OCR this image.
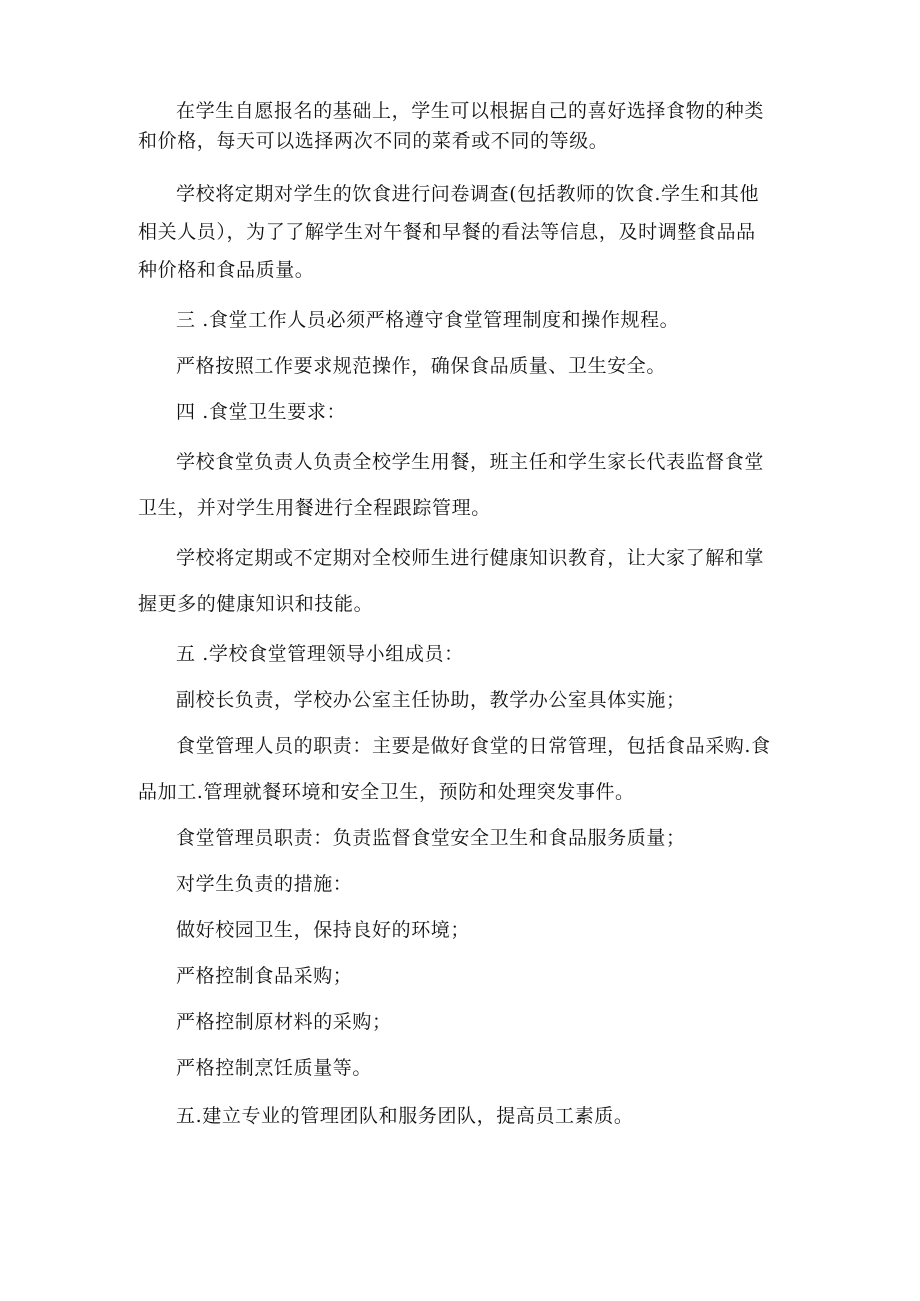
在学生自愿报名的基础上，学生可以根据自己的喜好选择食物的种类
和价格，每天可以选择两次不同的菜肴或不同的等级。

学校将定期对学生的饮食进行问卷调查(包括教师的饮食.学生和其他
相关人员），为了了解学生对午餐和早餐的看法等信息，及时调整食品品
种价格和食品质量。

三 .食堂工作人员必须严格遵守食堂管理制度和操作规程。

严格按照工作要求规范操作，确保食品质量、卫生安全。

四 .食堂卫生要求：

学校食堂负责人负责全校学生用餐，班主任和学生家长代表监督食堂
卫生，并对学生用餐进行全程跟踪管理。

学校将定期或不定期对全校师生进行健康知识教育，让大家了解和掌
握更多的健康知识和技能。

五 .学校食堂管理领导小组成员：

副校长负责，学校办公室主任协助，教学办公室具体实施；

食堂管理人员的职责：主要是做好食堂的日常管理，包括食品采购.食
品加工.管理就餐环境和安全卫生，预防和处理突发事件。

食堂管理员职责：负责监督食堂安全卫生和食品服务质量；

对学生负责的措施：

做好校园卫生，保持良好的环境；

严格控制食品采购；

严格控制原材料的采购；

严格控制烹饪质量等。

五.建立专业的管理团队和服务团队，提高员工素质。
